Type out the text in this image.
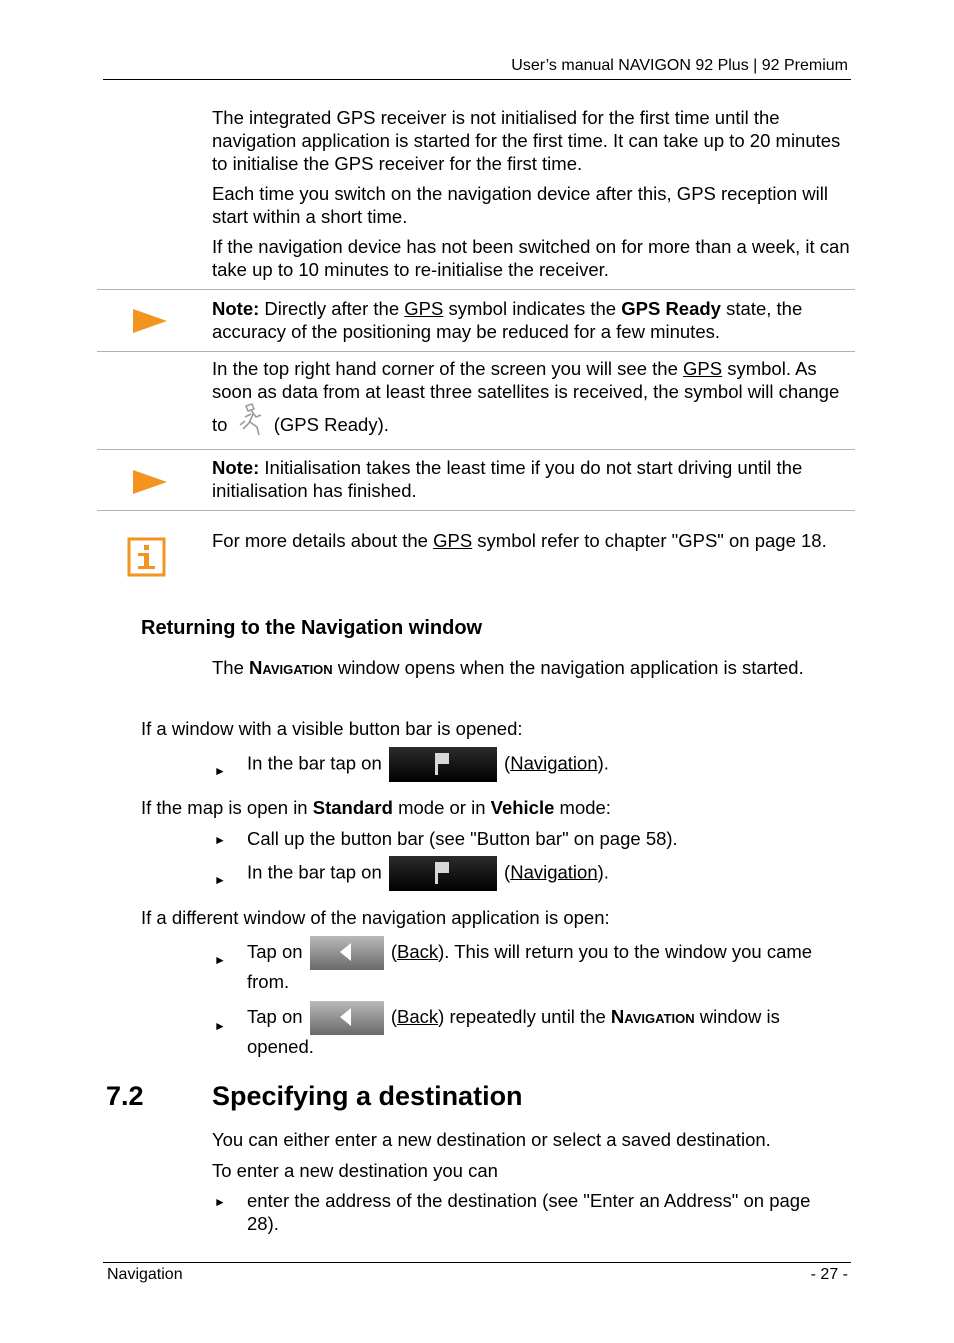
User’s manual NAVIGON 92 Plus | 92 Premium
The integrated GPS receiver is not initialised for the first time until the navigation application is started for the first time. It can take up to 20 minutes to initialise the GPS receiver for the first time.
Each time you switch on the navigation device after this, GPS reception will start within a short time.
If the navigation device has not been switched on for more than a week, it can take up to 10 minutes to re-initialise the receiver.
Note: Directly after the GPS symbol indicates the GPS Ready state, the accuracy of the positioning may be reduced for a few minutes.
In the top right hand corner of the screen you will see the GPS symbol. As soon as data from at least three satellites is received, the symbol will change to  (GPS Ready).
Note: Initialisation takes the least time if you do not start driving until the initialisation has finished.
For more details about the GPS symbol refer to chapter "GPS" on page 18.
Returning to the Navigation window
The Navigation window opens when the navigation application is started.
If a window with a visible button bar is opened:
► In the bar tap on	(Navigation).
If the map is open in Standard mode or in Vehicle mode:
► Call up the button bar (see "Button bar" on page 58).
► In the bar tap on	(Navigation).
If a different window of the navigation application is open:
► Tap on	(Back). This will return you to the window you came from.
► Tap on	(Back) repeatedly until the Navigation window is opened.
7.2	Specifying a destination
You can either enter a new destination or select a saved destination.
To enter a new destination you can
► enter the address of the destination (see "Enter an Address" on page 28).
Navigation	- 27 -
